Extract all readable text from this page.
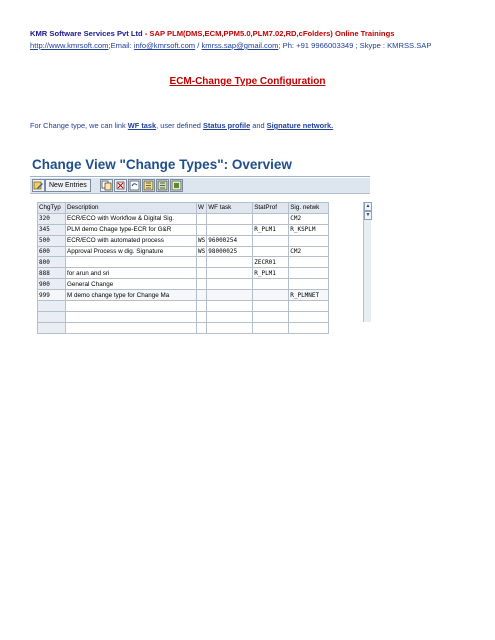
KMR Software Services Pvt Ltd - SAP PLM(DMS,ECM,PPM5.0,PLM7.02,RD,cFolders) Online Trainings
http://www.kmrsoft.com;Email: info@kmrsoft.com / kmrss.sap@gmail.com; Ph: +91 9966003349 ; Skype : KMRSS.SAP
ECM-Change Type Configuration
For Change type, we can link WF task, user defined Status profile and Signature network.
Change View "Change Types": Overview
New Entries
ChgTyp	Description	W	WF task	StatProf	Sig. netwk
320	ECR/ECO with Workflow & Digital Sig.				CM2
345	PLM demo Chage type-ECR for G&R			R_PLM1	R_KSPLM
500	ECR/ECO with automated process	WS	96000254		
600	Approval Process w dig. Signature	WS	98000025		CM2
800				ZECR01	
888	for arun and sri			R_PLM1	
900	General Change				
999	M demo change type for Change Ma				R_PLMNET

▲
▼
